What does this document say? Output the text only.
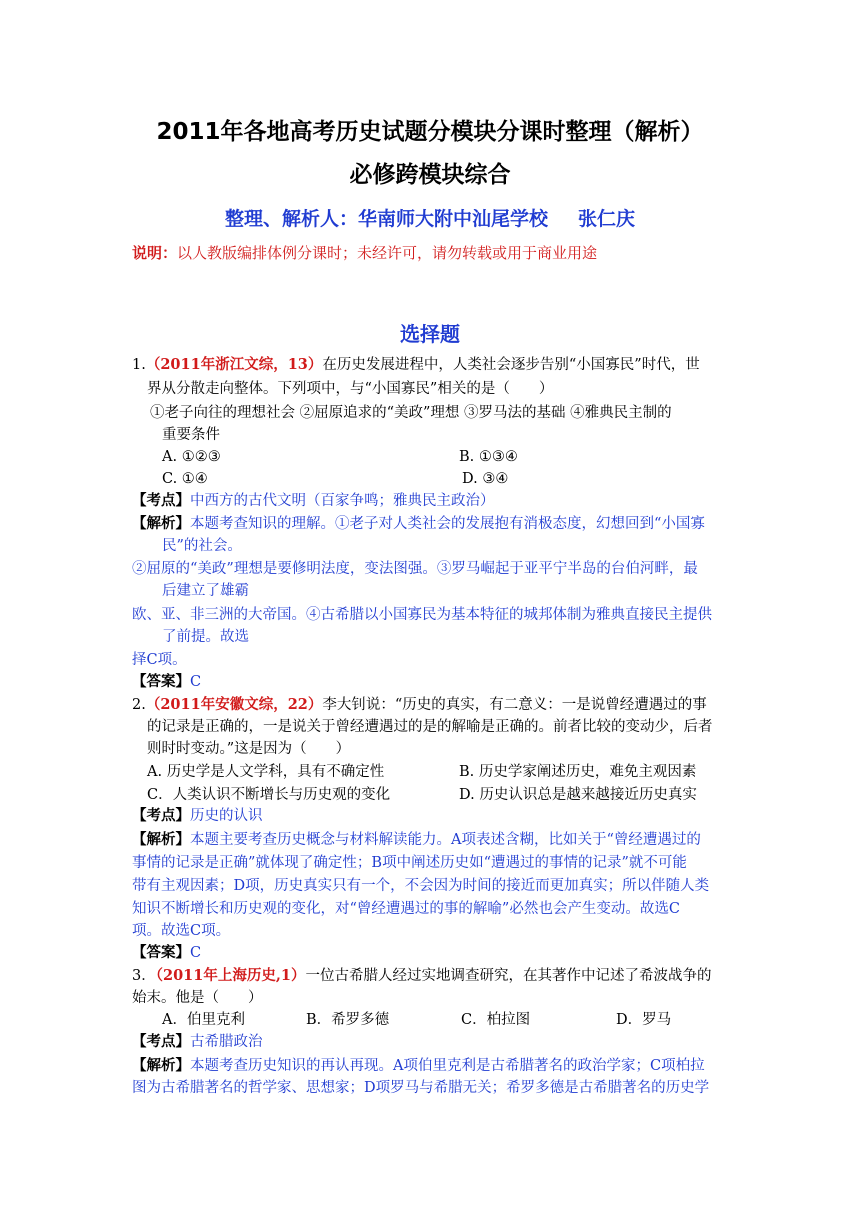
2011年各地高考历史试题分模块分课时整理（解析）
必修跨模块综合
整理、解析人：华南师大附中汕尾学校 张仁庆
说明：以人教版编排体例分课时；未经许可，请勿转载或用于商业用途
选择题
1.（2011年浙江文综，13）在历史发展进程中，人类社会逐步告别“小国寡民”时代，世
界从分散走向整体。下列项中，与“小国寡民”相关的是（　　）
①老子向往的理想社会 ②屈原追求的“美政”理想 ③罗马法的基础 ④雅典民主制的
重要条件
A. ①②③	B. ①③④
C. ①④	D. ③④
【考点】中西方的古代文明（百家争鸣；雅典民主政治）
【解析】本题考查知识的理解。①老子对人类社会的发展抱有消极态度，幻想回到“小国寡
民”的社会。
②屈原的“美政”理想是要修明法度，变法图强。③罗马崛起于亚平宁半岛的台伯河畔，最
后建立了雄霸
欧、亚、非三洲的大帝国。④古希腊以小国寡民为基本特征的城邦体制为雅典直接民主提供
了前提。故选
择C项。
【答案】C
2.（2011年安徽文综，22）李大钊说：“历史的真实，有二意义：一是说曾经遭遇过的事
的记录是正确的，一是说关于曾经遭遇过的是的解喻是正确的。前者比较的变动少，后者
则时时变动。”这是因为（　　）
A. 历史学是人文学科，具有不确定性	B. 历史学家阐述历史，难免主观因素
C．人类认识不断增长与历史观的变化	D. 历史认识总是越来越接近历史真实
【考点】历史的认识
【解析】本题主要考查历史概念与材料解读能力。A项表述含糊，比如关于“曾经遭遇过的
事情的记录是正确”就体现了确定性；B项中阐述历史如“遭遇过的事情的记录”就不可能
带有主观因素；D项，历史真实只有一个，不会因为时间的接近而更加真实；所以伴随人类
知识不断增长和历史观的变化，对“曾经遭遇过的事的解喻”必然也会产生变动。故选C
项。故选C项。
【答案】C
3．（2011年上海历史,1）一位古希腊人经过实地调查研究，在其著作中记述了希波战争的
始末。他是（　　）
A．伯里克利	B．希罗多德	C．柏拉图	D．罗马
【考点】古希腊政治
【解析】本题考查历史知识的再认再现。A项伯里克利是古希腊著名的政治学家；C项柏拉
图为古希腊著名的哲学家、思想家；D项罗马与希腊无关；希罗多德是古希腊著名的历史学
